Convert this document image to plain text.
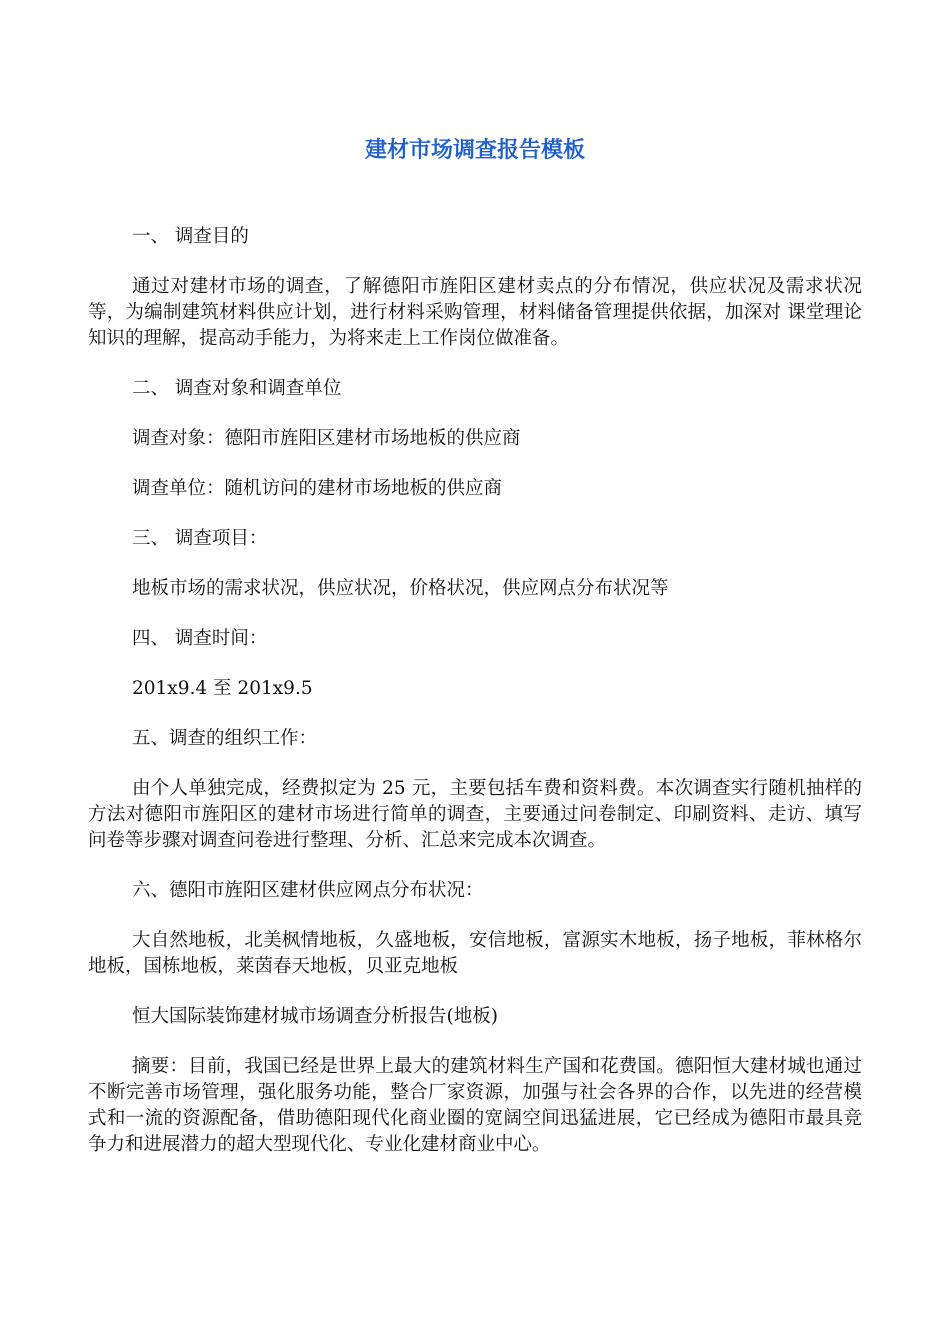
建材市场调查报告模板

一、 调查目的

通过对建材市场的调查，了解德阳市旌阳区建材卖点的分布情况，供应状况及需求状况等，为编制建筑材料供应计划，进行材料采购管理，材料储备管理提供依据，加深对 课堂理论知识的理解，提高动手能力，为将来走上工作岗位做准备。

二、 调查对象和调查单位

调查对象：德阳市旌阳区建材市场地板的供应商

调查单位：随机访问的建材市场地板的供应商

三、 调查项目：

地板市场的需求状况，供应状况，价格状况，供应网点分布状况等

四、 调查时间：

201x9.4 至 201x9.5

五、调查的组织工作：

由个人单独完成，经费拟定为 25 元，主要包括车费和资料费。本次调查实行随机抽样的方法对德阳市旌阳区的建材市场进行简单的调查，主要通过问卷制定、印刷资料、走访、填写问卷等步骤对调查问卷进行整理、分析、汇总来完成本次调查。

六、德阳市旌阳区建材供应网点分布状况：

大自然地板，北美枫情地板，久盛地板，安信地板，富源实木地板，扬子地板，菲林格尔地板，国栋地板，莱茵春天地板，贝亚克地板

恒大国际装饰建材城市场调查分析报告(地板)

摘要：目前，我国已经是世界上最大的建筑材料生产国和花费国。德阳恒大建材城也通过不断完善市场管理，强化服务功能，整合厂家资源，加强与社会各界的合作，以先进的经营模式和一流的资源配备，借助德阳现代化商业圈的宽阔空间迅猛进展，它已经成为德阳市最具竞争力和进展潜力的超大型现代化、专业化建材商业中心。
